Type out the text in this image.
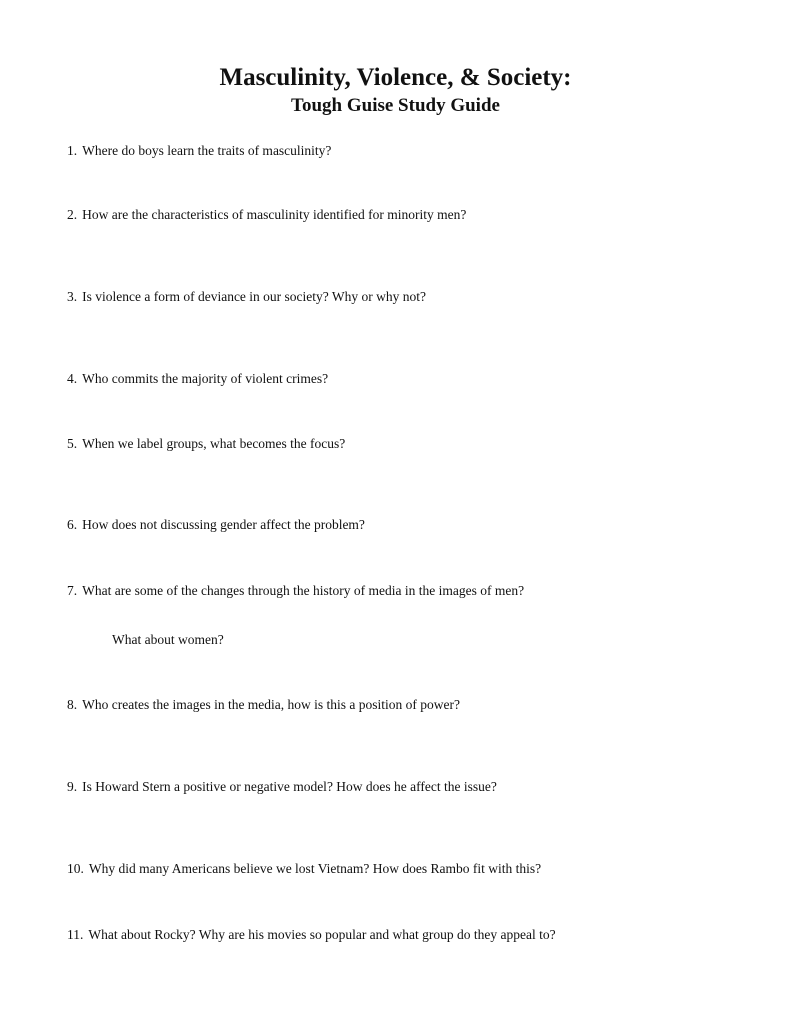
Masculinity, Violence, & Society:
Tough Guise Study Guide

1. Where do boys learn the traits of masculinity?

2. How are the characteristics of masculinity identified for minority men?

3. Is violence a form of deviance in our society? Why or why not?

4. Who commits the majority of violent crimes?

5. When we label groups, what becomes the focus?

6. How does not discussing gender affect the problem?

7. What are some of the changes through the history of media in the images of men?

What about women?

8. Who creates the images in the media, how is this a position of power?

9. Is Howard Stern a positive or negative model? How does he affect the issue?

10. Why did many Americans believe we lost Vietnam? How does Rambo fit with this?

11. What about Rocky? Why are his movies so popular and what group do they appeal to?
